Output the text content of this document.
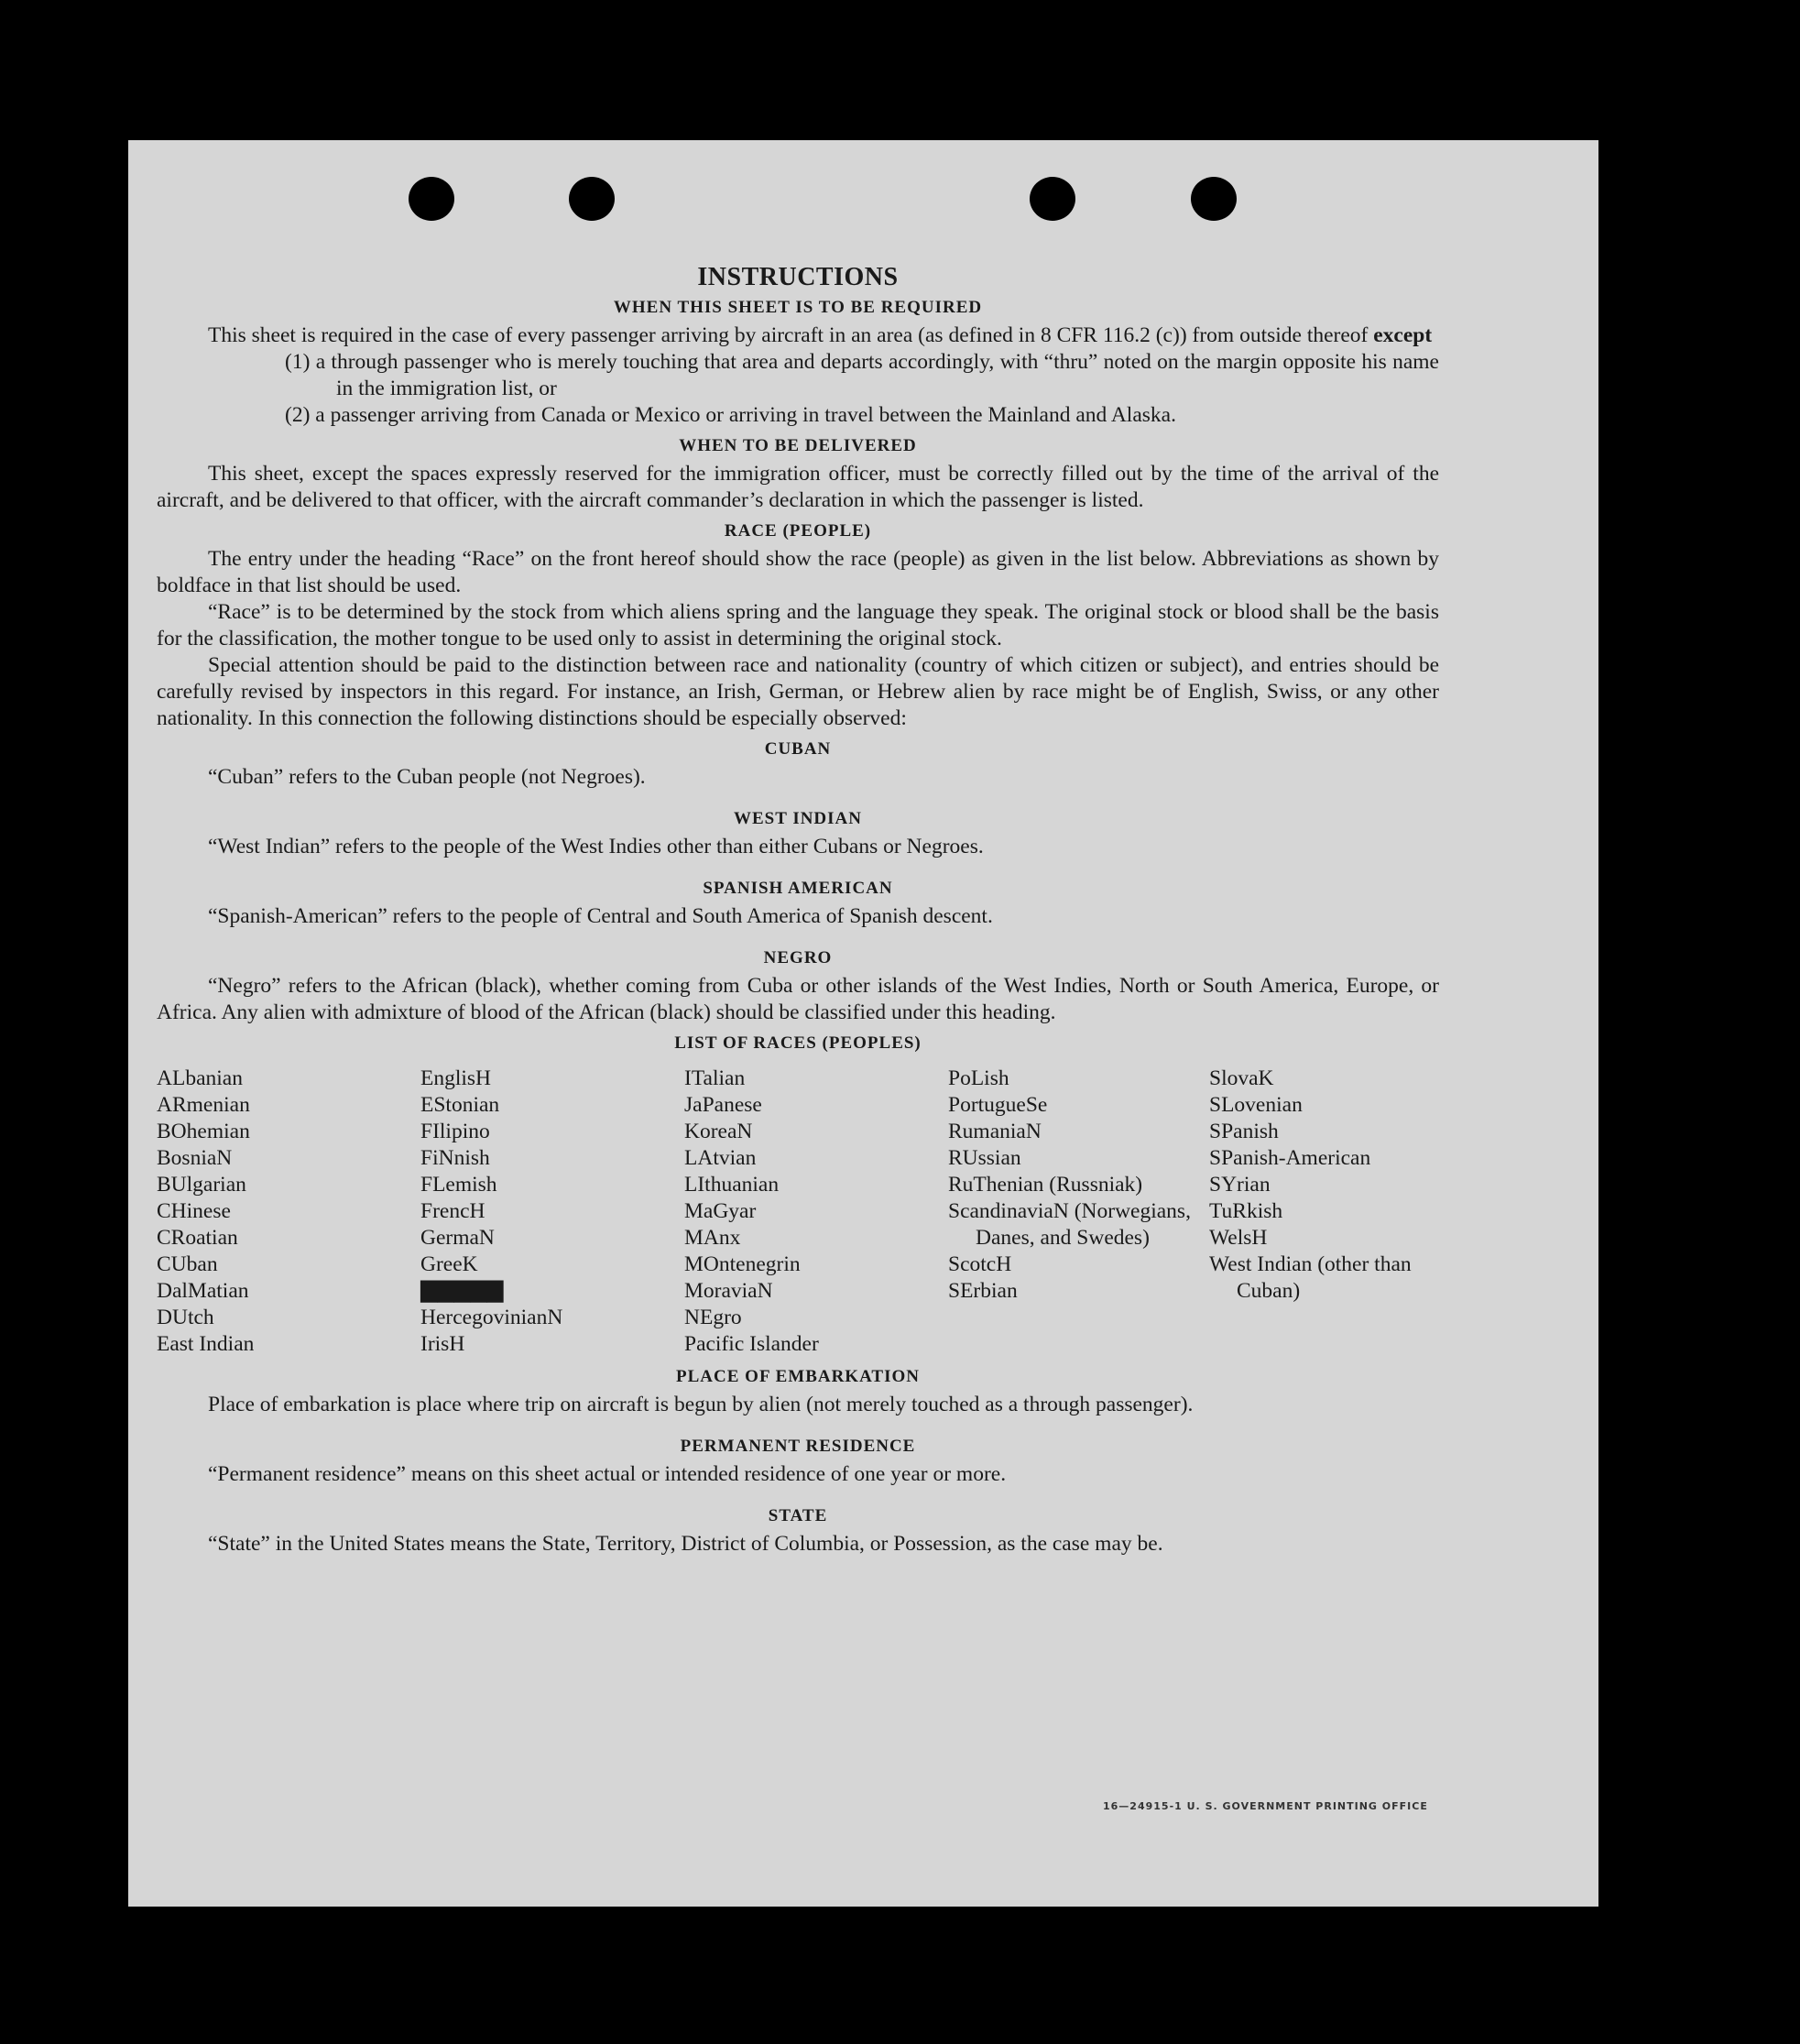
INSTRUCTIONS
WHEN THIS SHEET IS TO BE REQUIRED

This sheet is required in the case of every passenger arriving by aircraft in an area (as defined in 8 CFR 116.2 (c)) from outside thereof except

(1) a through passenger who is merely touching that area and departs accordingly, with “thru” noted on the margin opposite his name in the immigration list, or

(2) a passenger arriving from Canada or Mexico or arriving in travel between the Mainland and Alaska.

WHEN TO BE DELIVERED

This sheet, except the spaces expressly reserved for the immigration officer, must be correctly filled out by the time of the arrival of the aircraft, and be delivered to that officer, with the aircraft commander’s declaration in which the passenger is listed.

RACE (PEOPLE)

The entry under the heading “Race” on the front hereof should show the race (people) as given in the list below. Abbreviations as shown by boldface in that list should be used.

“Race” is to be determined by the stock from which aliens spring and the language they speak. The original stock or blood shall be the basis for the classification, the mother tongue to be used only to assist in determining the original stock.

Special attention should be paid to the distinction between race and nationality (country of which citizen or subject), and entries should be carefully revised by inspectors in this regard. For instance, an Irish, German, or Hebrew alien by race might be of English, Swiss, or any other nationality. In this connection the following distinctions should be especially observed:

CUBAN

“Cuban” refers to the Cuban people (not Negroes).

WEST INDIAN

“West Indian” refers to the people of the West Indies other than either Cubans or Negroes.

SPANISH AMERICAN

“Spanish-American” refers to the people of Central and South America of Spanish descent.

NEGRO

“Negro” refers to the African (black), whether coming from Cuba or other islands of the West Indies, North or South America, Europe, or Africa. Any alien with admixture of blood of the African (black) should be classified under this heading.

LIST OF RACES (PEOPLES)
ALbanian
ARmenian
BOhemian
BosniaN
BUlgarian
CHinese
CRoatian
CUban
DalMatian
DUtch
East Indian
EnglisH
EStonian
FIlipino
FiNnish
FLemish
FrencH
GermaN
GreeK
▇▇▇▇▇
HercegovinianN
IrisH
ITalian
JaPanese
KoreaN
LAtvian
LIthuanian
MaGyar
MAnx
MOntenegrin
MoraviaN
NEgro
Pacific Islander
PoLish
PortugueSe
RumaniaN
RUssian
RuThenian (Russniak)
ScandinaviaN (Norwegians, Danes, and Swedes)
ScotcH
SErbian
SlovaK
SLovenian
SPanish
SPanish-American
SYrian
TuRkish
WelsH
West Indian (other than Cuban)
PLACE OF EMBARKATION

Place of embarkation is place where trip on aircraft is begun by alien (not merely touched as a through passenger).

PERMANENT RESIDENCE

“Permanent residence” means on this sheet actual or intended residence of one year or more.

STATE

“State” in the United States means the State, Territory, District of Columbia, or Possession, as the case may be.

16—24915-1 U. S. GOVERNMENT PRINTING OFFICE
